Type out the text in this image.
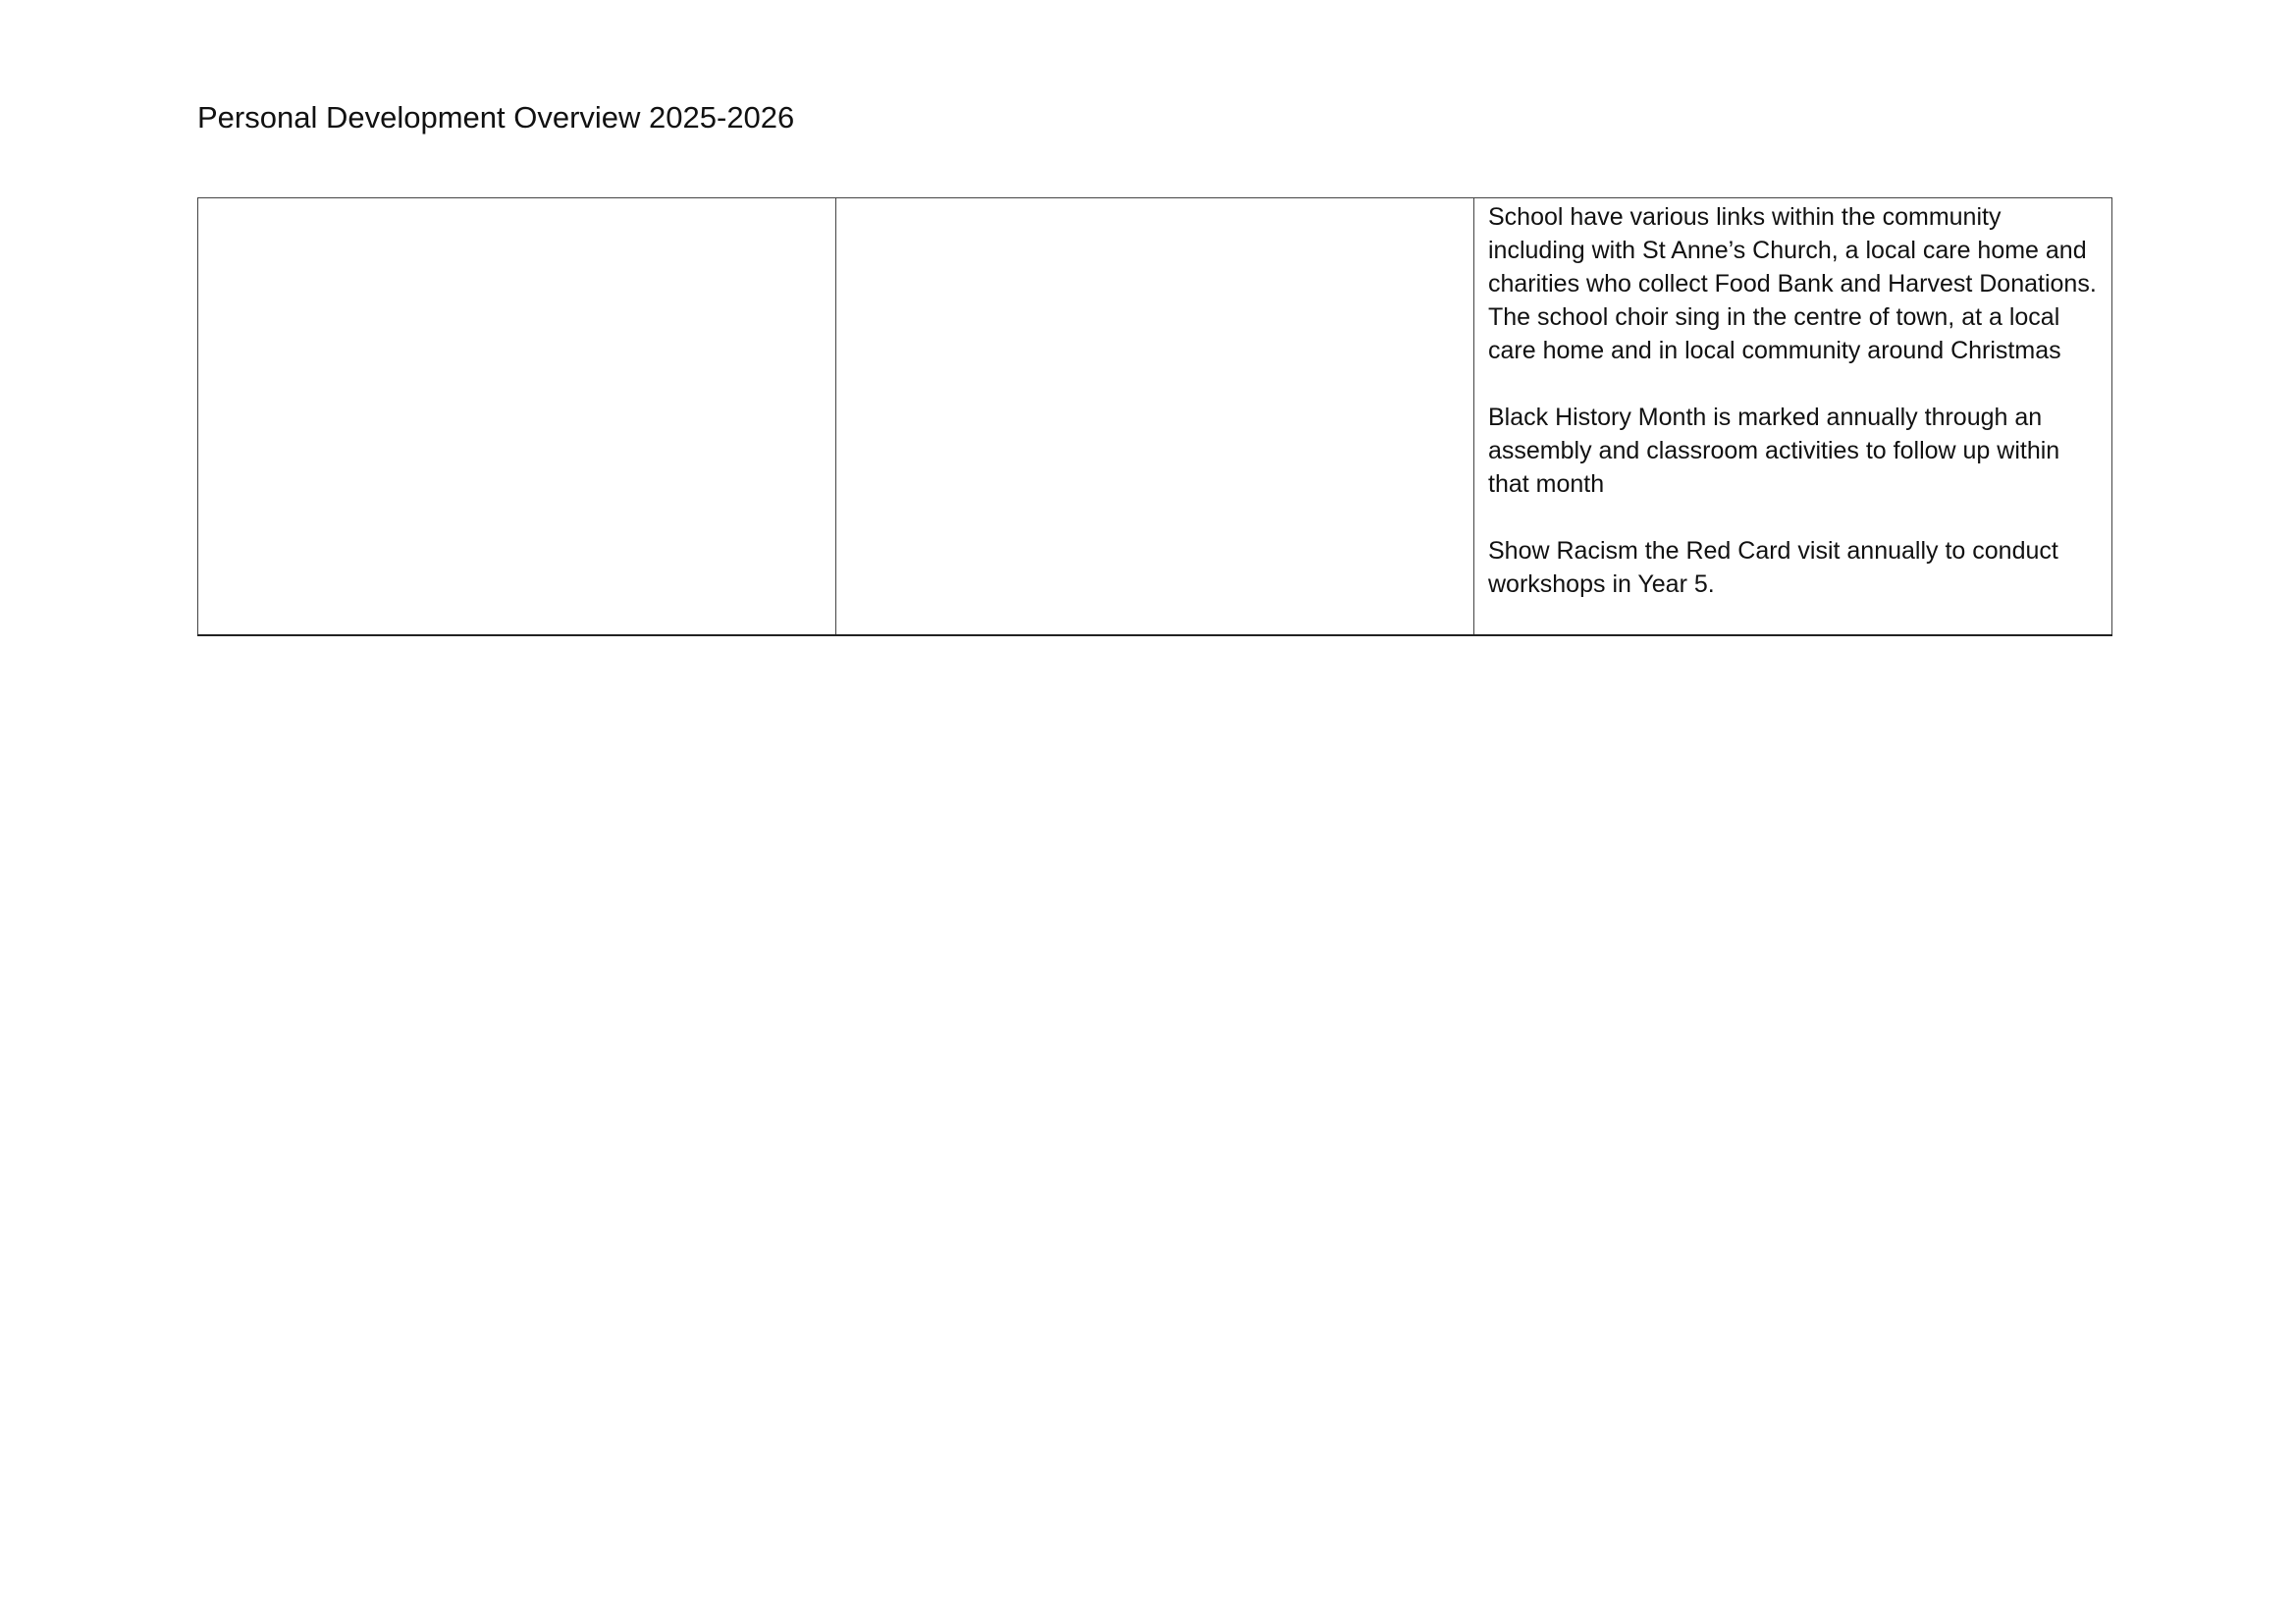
Personal Development Overview 2025-2026

School have various links within the community including with St Anne’s Church, a local care home and charities who collect Food Bank and Harvest Donations. The school choir sing in the centre of town, at a local care home and in local community around Christmas

Black History Month is marked annually through an assembly and classroom activities to follow up within that month

Show Racism the Red Card visit annually to conduct workshops in Year 5.
